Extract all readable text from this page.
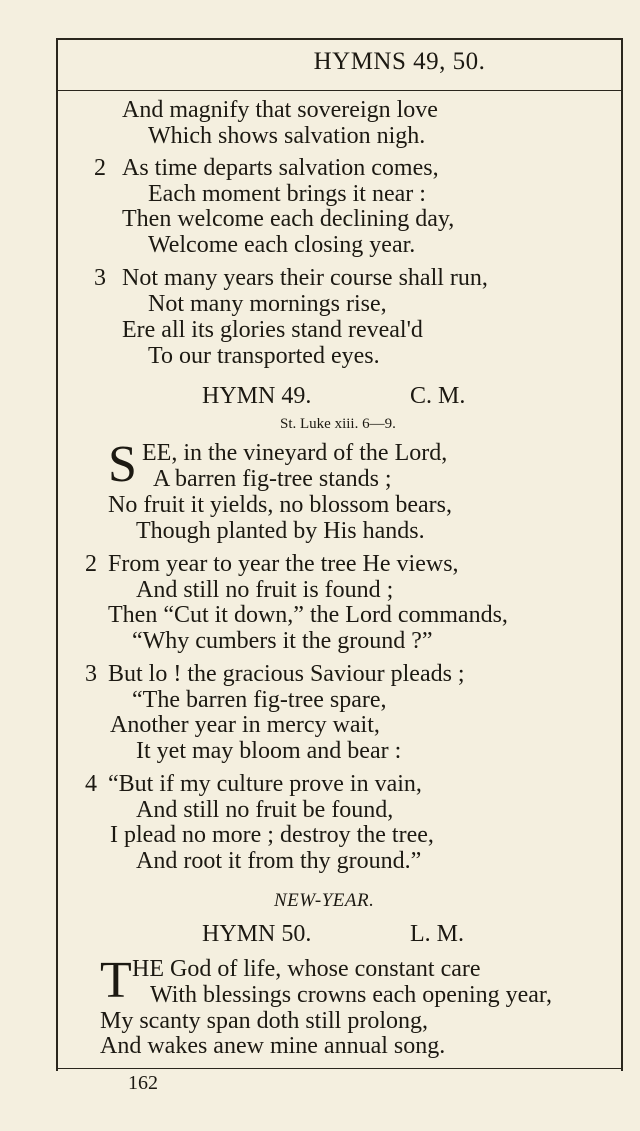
HYMNS 49, 50.
And magnify that sovereign love
Which shows salvation nigh.
2 As time departs salvation comes,
Each moment brings it near :
Then welcome each declining day,
Welcome each closing year.
3 Not many years their course shall run,
Not many mornings rise,
Ere all its glories stand reveal'd
To our transported eyes.
HYMN 49.	C. M.
St. Luke xiii. 6—9.
S EE, in the vineyard of the Lord,
A barren fig-tree stands ;
No fruit it yields, no blossom bears,
Though planted by His hands.
2 From year to year the tree He views,
And still no fruit is found ;
Then “Cut it down,” the Lord commands,
“Why cumbers it the ground ?”
3 But lo ! the gracious Saviour pleads ;
“The barren fig-tree spare,
Another year in mercy wait,
It yet may bloom and bear :
4 “But if my culture prove in vain,
And still no fruit be found,
I plead no more ; destroy the tree,
And root it from thy ground.”
NEW-YEAR.
HYMN 50.	L. M.
T HE God of life, whose constant care
With blessings crowns each opening year,
My scanty span doth still prolong,
And wakes anew mine annual song.
162
